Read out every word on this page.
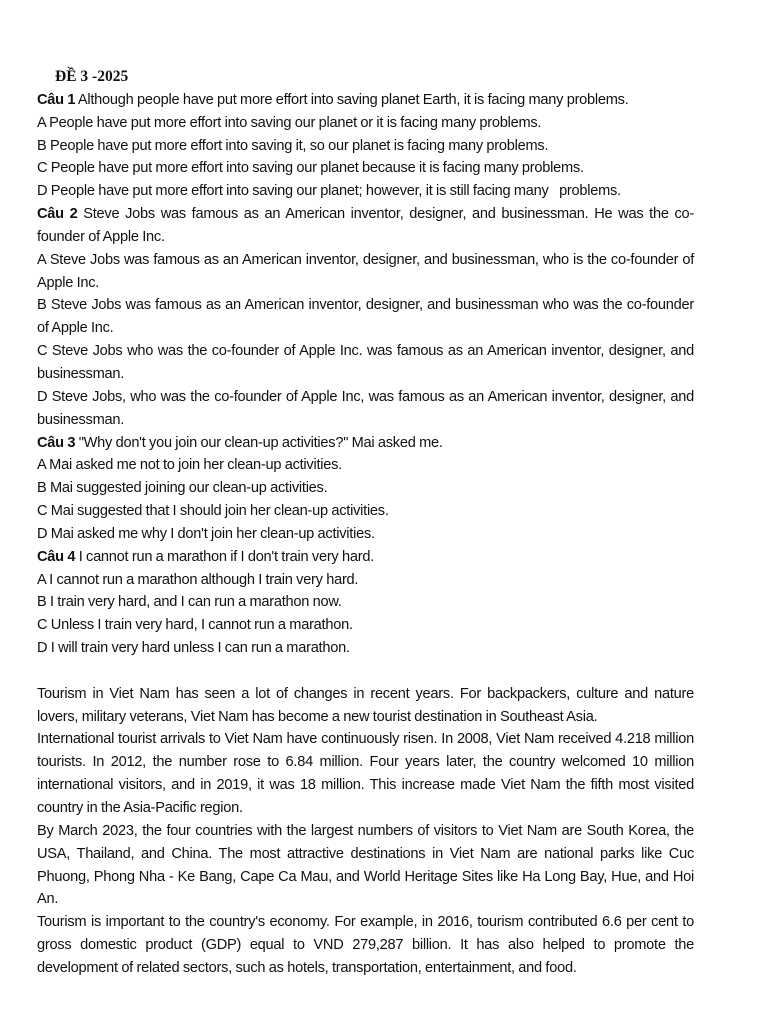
ĐỀ 3 -2025
Câu 1 Although people have put more effort into saving planet Earth, it is facing many problems.
A People have put more effort into saving our planet or it is facing many problems.
B People have put more effort into saving it, so our planet is facing many problems.
C People have put more effort into saving our planet because it is facing many problems.
D People have put more effort into saving our planet; however, it is still facing many   problems.
Câu 2 Steve Jobs was famous as an American inventor, designer, and businessman. He was the co-founder of Apple Inc.
A Steve Jobs was famous as an American inventor, designer, and businessman, who is the co-founder of Apple Inc.
B Steve Jobs was famous as an American inventor, designer, and businessman who was the co-founder of Apple Inc.
C Steve Jobs who was the co-founder of Apple Inc. was famous as an American inventor, designer, and businessman.
D Steve Jobs, who was the co-founder of Apple Inc, was famous as an American inventor, designer, and businessman.
Câu 3 "Why don't you join our clean-up activities?" Mai asked me.
A Mai asked me not to join her clean-up activities.
B Mai suggested joining our clean-up activities.
C Mai suggested that I should join her clean-up activities.
D Mai asked me why I don't join her clean-up activities.
Câu 4 I cannot run a marathon if I don't train very hard.
A I cannot run a marathon although I train very hard.
B I train very hard, and I can run a marathon now.
C Unless I train very hard, I cannot run a marathon.
D I will train very hard unless I can run a marathon.
Tourism in Viet Nam has seen a lot of changes in recent years. For backpackers, culture and nature lovers, military veterans, Viet Nam has become a new tourist destination in Southeast Asia.
International tourist arrivals to Viet Nam have continuously risen. In 2008, Viet Nam received 4.218 million tourists. In 2012, the number rose to 6.84 million. Four years later, the country welcomed 10 million international visitors, and in 2019, it was 18 million. This increase made Viet Nam the fifth most visited country in the Asia-Pacific region.
By March 2023, the four countries with the largest numbers of visitors to Viet Nam are South Korea, the USA, Thailand, and China. The most attractive destinations in Viet Nam are national parks like Cuc Phuong, Phong Nha - Ke Bang, Cape Ca Mau, and World Heritage Sites like Ha Long Bay, Hue, and Hoi An.
Tourism is important to the country's economy. For example, in 2016, tourism contributed 6.6 per cent to gross domestic product (GDP) equal to VND 279,287 billion. It has also helped to promote the development of related sectors, such as hotels, transportation, entertainment, and food.
